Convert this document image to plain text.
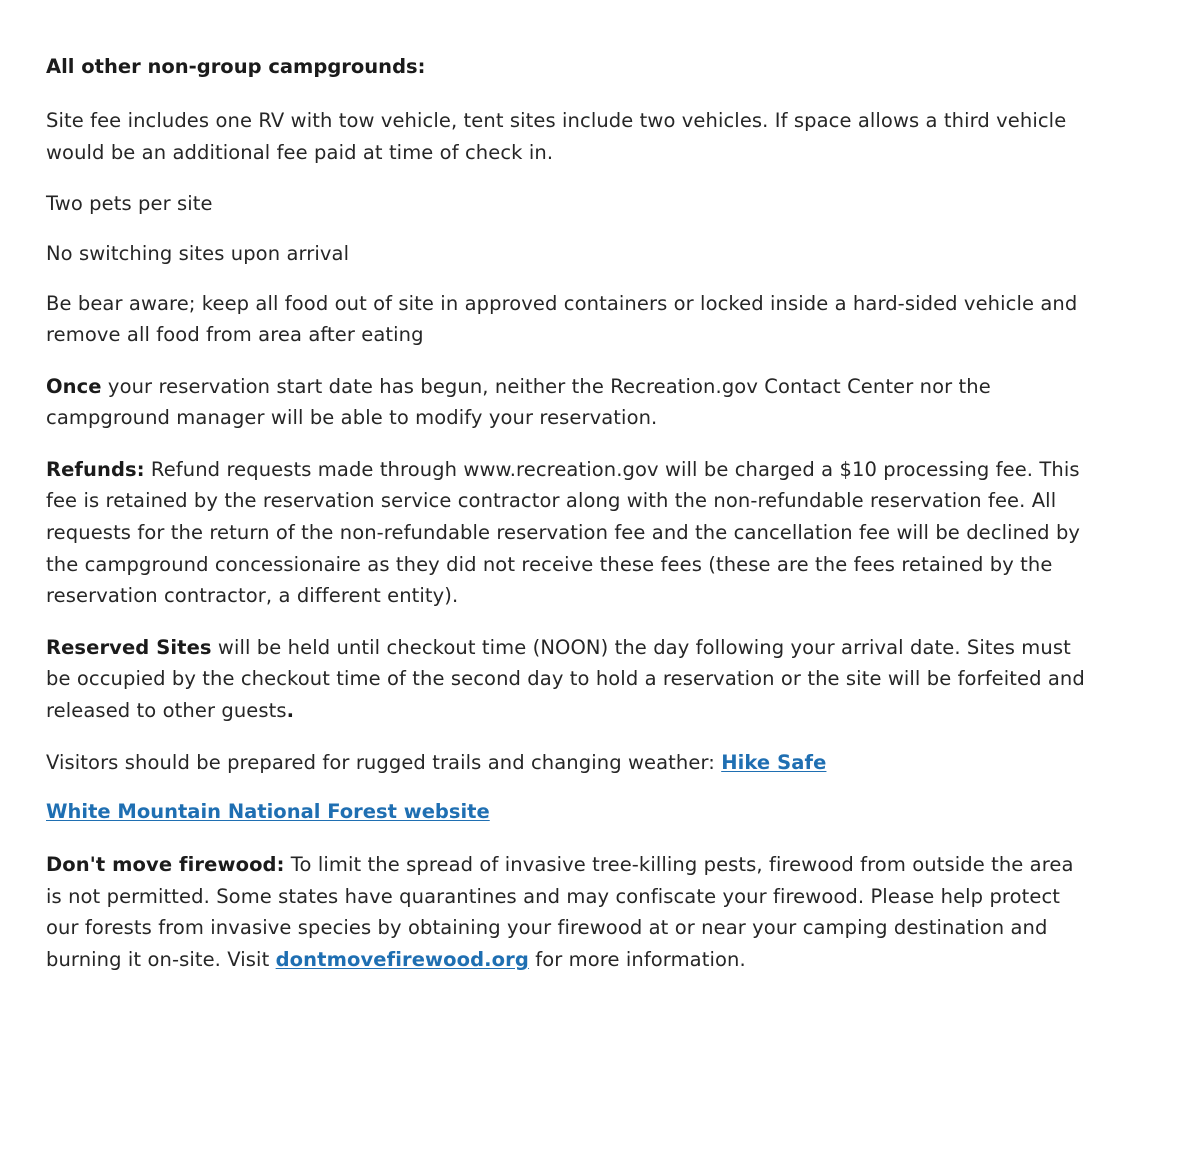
All other non-group campgrounds:

Site fee includes one RV with tow vehicle, tent sites include two vehicles. If space allows a third vehicle would be an additional fee paid at time of check in.

Two pets per site

No switching sites upon arrival

Be bear aware; keep all food out of site in approved containers or locked inside a hard-sided vehicle and remove all food from area after eating

Once your reservation start date has begun, neither the Recreation.gov Contact Center nor the campground manager will be able to modify your reservation.

Refunds: Refund requests made through www.recreation.gov will be charged a $10 processing fee. This fee is retained by the reservation service contractor along with the non-refundable reservation fee. All requests for the return of the non-refundable reservation fee and the cancellation fee will be declined by the campground concessionaire as they did not receive these fees (these are the fees retained by the reservation contractor, a different entity).

Reserved Sites will be held until checkout time (NOON) the day following your arrival date. Sites must be occupied by the checkout time of the second day to hold a reservation or the site will be forfeited and released to other guests.

Visitors should be prepared for rugged trails and changing weather: Hike Safe

White Mountain National Forest website

Don't move firewood: To limit the spread of invasive tree-killing pests, firewood from outside the area is not permitted. Some states have quarantines and may confiscate your firewood. Please help protect our forests from invasive species by obtaining your firewood at or near your camping destination and burning it on-site. Visit dontmovefirewood.org for more information.
